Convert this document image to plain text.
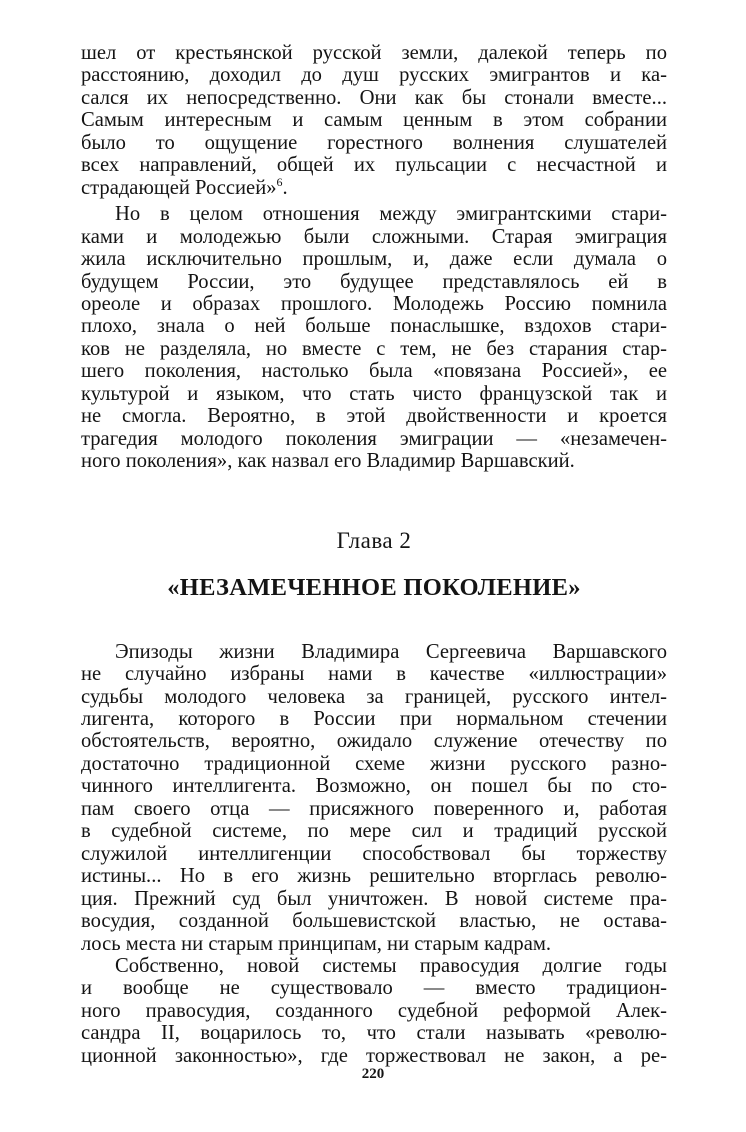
шел от крестьянской русской земли, далекой теперь по
расстоянию, доходил до душ русских эмигрантов и ка-
сался их непосредственно. Они как бы стонали вместе...
Самым интересным и самым ценным в этом собрании
было то ощущение горестного волнения слушателей
всех направлений, общей их пульсации с несчастной и
страдающей Россией»$^6$.

Но в целом отношения между эмигрантскими стари-
ками и молодежью были сложными. Старая эмиграция
жила исключительно прошлым, и, даже если думала о
будущем России, это будущее представлялось ей в
ореоле и образах прошлого. Молодежь Россию помнила
плохо, знала о ней больше понаслышке, вздохов стари-
ков не разделяла, но вместе с тем, не без старания стар-
шего поколения, настолько была «повязана Россией», ее
культурой и языком, что стать чисто французской так и
не смогла. Вероятно, в этой двойственности и кроется
трагедия молодого поколения эмиграции — «незамечен-
ного поколения», как назвал его Владимир Варшавский.

Глава 2
«НЕЗАМЕЧЕННОЕ ПОКОЛЕНИЕ»

Эпизоды жизни Владимира Сергеевича Варшавского
не случайно избраны нами в качестве «иллюстрации»
судьбы молодого человека за границей, русского интел-
лигента, которого в России при нормальном стечении
обстоятельств, вероятно, ожидало служение отечеству по
достаточно традиционной схеме жизни русского разно-
чинного интеллигента. Возможно, он пошел бы по сто-
пам своего отца — присяжного поверенного и, работая
в судебной системе, по мере сил и традиций русской
служилой интеллигенции способствовал бы торжеству
истины... Но в его жизнь решительно вторглась револю-
ция. Прежний суд был уничтожен. В новой системе пра-
восудия, созданной большевистской властью, не остава-
лось места ни старым принципам, ни старым кадрам.

Собственно, новой системы правосудия долгие годы
и вообще не существовало — вместо традицион-
ного правосудия, созданного судебной реформой Алек-
сандра II, воцарилось то, что стали называть «револю-
ционной законностью», где торжествовал не закон, а ре-

220
